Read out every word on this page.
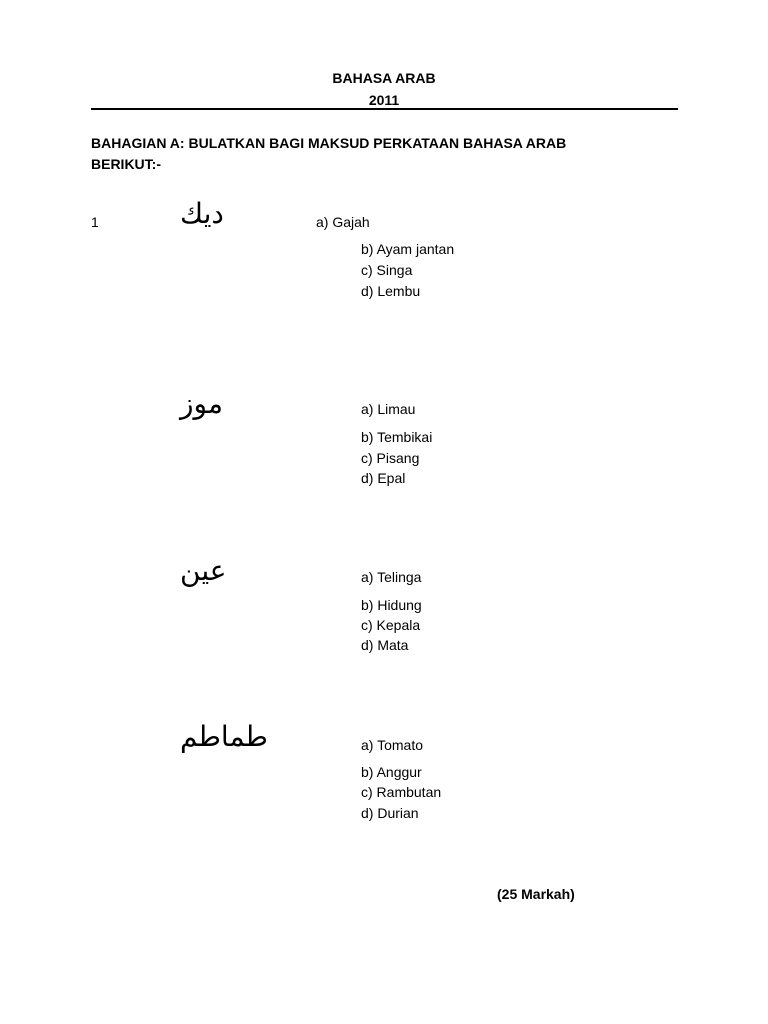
BAHASA ARAB
2011
BAHAGIAN A: BULATKAN BAGI MAKSUD PERKATAAN BAHASA ARAB
BERIKUT:-
1	ديك	a) Gajah
b) Ayam jantan
c) Singa
d) Lembu
موز	a) Limau
b) Tembikai
c) Pisang
d) Epal
عين	a) Telinga
b) Hidung
c) Kepala
d) Mata
طماطم	a) Tomato
b) Anggur
c) Rambutan
d) Durian
(25 Markah)
